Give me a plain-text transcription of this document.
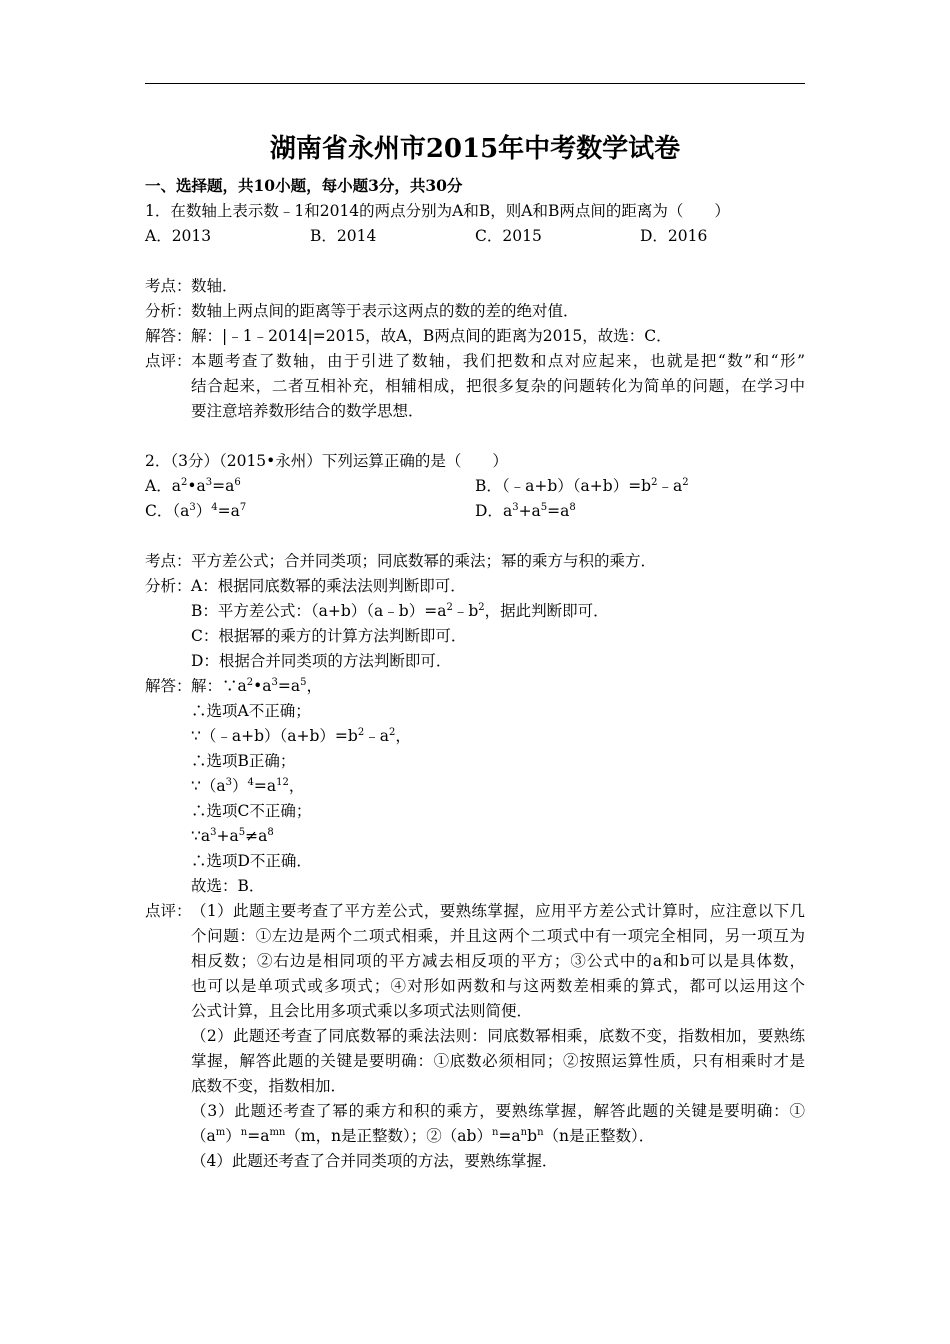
湖南省永州市2015年中考数学试卷
一、选择题，共10小题，每小题3分，共30分
1．在数轴上表示数﹣1和2014的两点分别为A和B，则A和B两点间的距离为（　　）
A．2013	B．2014	C．2015	D．2016
考点： 数轴．
分析： 数轴上两点间的距离等于表示这两点的数的差的绝对值．
解答： 解：|﹣1﹣2014|=2015，故A，B两点间的距离为2015，故选：C．
点评： 本题考查了数轴，由于引进了数轴，我们把数和点对应起来，也就是把“数”和“形”
结合起来，二者互相补充，相辅相成，把很多复杂的问题转化为简单的问题，在学习中
要注意培养数形结合的数学思想．
2．（3分）（2015•永州）下列运算正确的是（　　）
A．$a^2•a^3=a^6$	B．$(﹣a+b)(a+b)=b^2﹣a^2$
C．$(a^3)^4=a^7$	D．$a^3+a^5=a^8$
考点： 平方差公式；合并同类项；同底数幂的乘法；幂的乘方与积的乘方．
分析： A：根据同底数幂的乘法法则判断即可．
B：平方差公式：$(a+b)(a﹣b)=a^2﹣b^2$，据此判断即可．
C：根据幂的乘方的计算方法判断即可．
D：根据合并同类项的方法判断即可．
解答： 解：$\because a^2•a^3=a^5$，
∴选项A不正确；
$\because(﹣a+b)(a+b)=b^2﹣a^2$，
∴选项B正确；
$\because(a^3)^4=a^{12}$，
∴选项C不正确；
$\because a^3+a^5\ne a^8$
∴选项D不正确．
故选：B．
点评： （1）此题主要考查了平方差公式，要熟练掌握，应用平方差公式计算时，应注意以下几
个问题：①左边是两个二项式相乘，并且这两个二项式中有一项完全相同，另一项互为
相反数；②右边是相同项的平方减去相反项的平方；③公式中的a和b可以是具体数，
也可以是单项式或多项式；④对形如两数和与这两数差相乘的算式，都可以运用这个
公式计算，且会比用多项式乘以多项式法则简便．
（2）此题还考查了同底数幂的乘法法则：同底数幂相乘，底数不变，指数相加，要熟练
掌握，解答此题的关键是要明确：①底数必须相同；②按照运算性质，只有相乘时才是
底数不变，指数相加．
（3）此题还考查了幂的乘方和积的乘方，要熟练掌握，解答此题的关键是要明确：①
$(a^m)^n=a^{mn}(m$，n是正整数）；$②(ab)^n=a^nb^n(n$是正整数）．
（4）此题还考查了合并同类项的方法，要熟练掌握．
